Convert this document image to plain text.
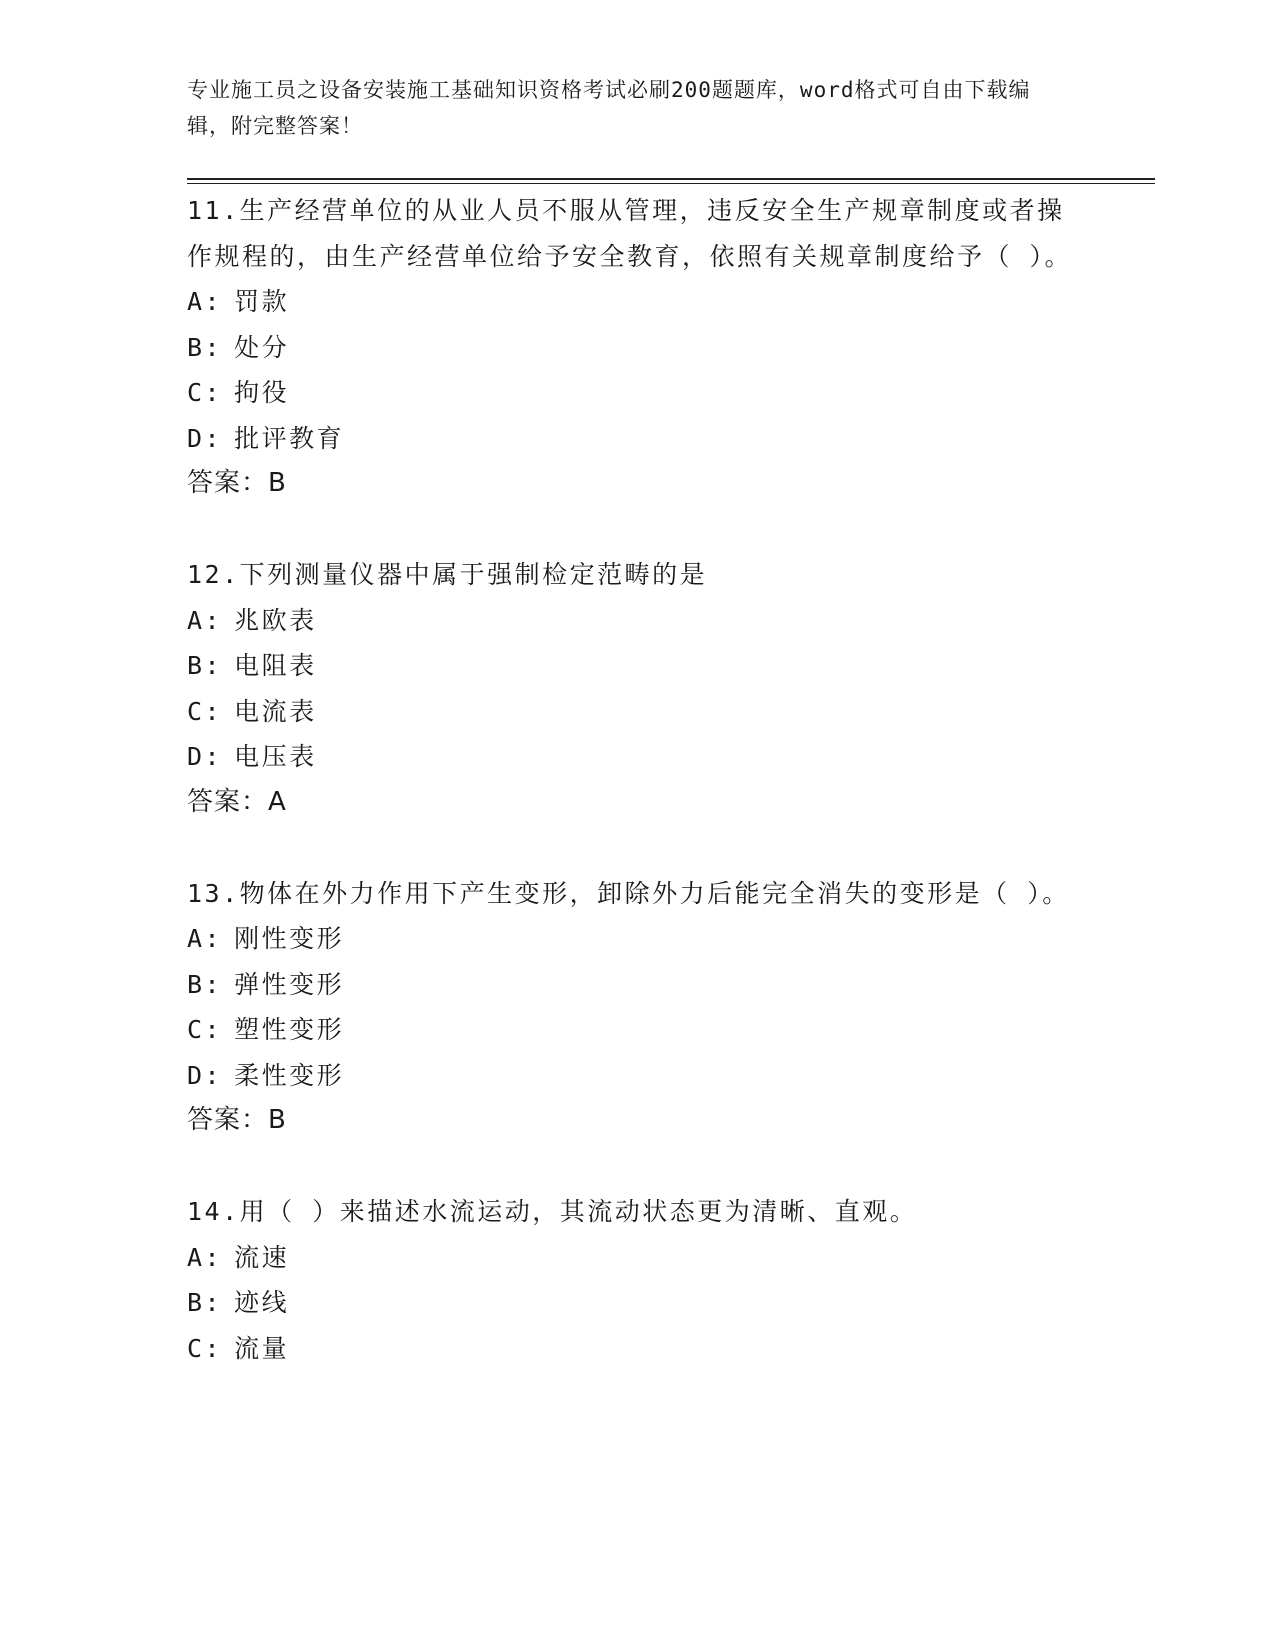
专业施工员之设备安装施工基础知识资格考试必刷200题题库，word格式可自由下载编辑，附完整答案！

11.生产经营单位的从业人员不服从管理，违反安全生产规章制度或者操作规程的，由生产经营单位给予安全教育，依照有关规章制度给予（ ）。

A: 罚款

B: 处分

C: 拘役

D: 批评教育

答案：B

12.下列测量仪器中属于强制检定范畴的是

A: 兆欧表

B: 电阻表

C: 电流表

D: 电压表

答案：A

13.物体在外力作用下产生变形，卸除外力后能完全消失的变形是（ ）。

A: 刚性变形

B: 弹性变形

C: 塑性变形

D: 柔性变形

答案：B

14.用（ ）来描述水流运动，其流动状态更为清晰、直观。

A: 流速

B: 迹线

C: 流量
